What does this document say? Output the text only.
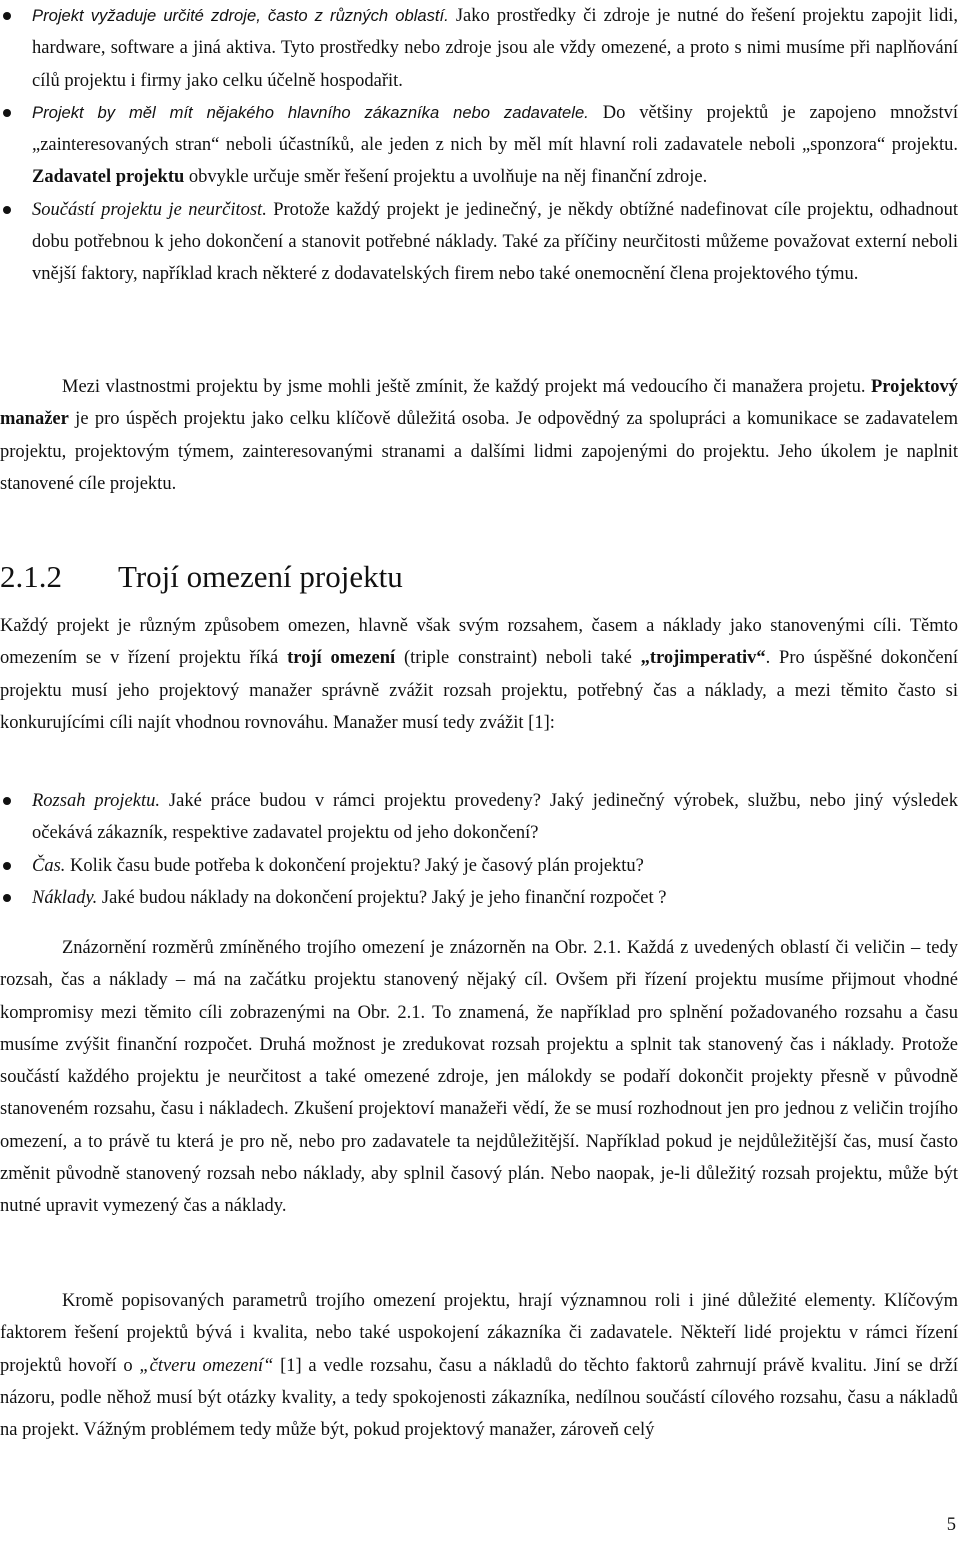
Projekt vyžaduje určité zdroje, často z různých oblastí. Jako prostředky či zdroje je nutné do řešení projektu zapojit lidi, hardware, software a jiná aktiva. Tyto prostředky nebo zdroje jsou ale vždy omezené, a proto s nimi musíme při naplňování cílů projektu i firmy jako celku účelně hospodařit.
Projekt by měl mít nějakého hlavního zákazníka nebo zadavatele. Do většiny projektů je zapojeno množství „zainteresovaných stran“ neboli účastníků, ale jeden z nich by měl mít hlavní roli zadavatele neboli „sponzora“ projektu. Zadavatel projektu obvykle určuje směr řešení projektu a uvolňuje na něj finanční zdroje.
Součástí projektu je neurčitost. Protože každý projekt je jedinečný, je někdy obtížné nadefinovat cíle projektu, odhadnout dobu potřebnou k jeho dokončení a stanovit potřebné náklady. Také za příčiny neurčitosti můžeme považovat externí neboli vnější faktory, například krach některé z dodavatelských firem nebo také onemocnění člena projektového týmu.

Mezi vlastnostmi projektu by jsme mohli ještě zmínit, že každý projekt má vedoucího či manažera projetu. Projektový manažer je pro úspěch projektu jako celku klíčově důležitá osoba. Je odpovědný za spolupráci a komunikace se zadavatelem projektu, projektovým týmem, zainteresovanými stranami a dalšími lidmi zapojenými do projektu. Jeho úkolem je naplnit stanovené cíle projektu.

2.1.2 Trojí omezení projektu

Každý projekt je různým způsobem omezen, hlavně však svým rozsahem, časem a náklady jako stanovenými cíli. Těmto omezením se v řízení projektu říká trojí omezení (triple constraint) neboli také „trojimperativ“. Pro úspěšné dokončení projektu musí jeho projektový manažer správně zvážit rozsah projektu, potřebný čas a náklady, a mezi těmito často si konkurujícími cíli najít vhodnou rovnováhu. Manažer musí tedy zvážit [1]:

Rozsah projektu. Jaké práce budou v rámci projektu provedeny? Jaký jedinečný výrobek, službu, nebo jiný výsledek očekává zákazník, respektive zadavatel projektu od jeho dokončení?
Čas. Kolik času bude potřeba k dokončení projektu? Jaký je časový plán projektu?
Náklady. Jaké budou náklady na dokončení projektu? Jaký je jeho finanční rozpočet ?

Znázornění rozměrů zmíněného trojího omezení je znázorněn na Obr. 2.1. Každá z uvedených oblastí či veličin – tedy rozsah, čas a náklady – má na začátku projektu stanovený nějaký cíl. Ovšem při řízení projektu musíme přijmout vhodné kompromisy mezi těmito cíli zobrazenými na Obr. 2.1. To znamená, že například pro splnění požadovaného rozsahu a času musíme zvýšit finanční rozpočet. Druhá možnost je zredukovat rozsah projektu a splnit tak stanovený čas i náklady. Protože součástí každého projektu je neurčitost a také omezené zdroje, jen málokdy se podaří dokončit projekty přesně v původně stanoveném rozsahu, času i nákladech. Zkušení projektoví manažeři vědí, že se musí rozhodnout jen pro jednou z veličin trojího omezení, a to právě tu která je pro ně, nebo pro zadavatele ta nejdůležitější. Například pokud je nejdůležitější čas, musí často změnit původně stanovený rozsah nebo náklady, aby splnil časový plán. Nebo naopak, je-li důležitý rozsah projektu, může být nutné upravit vymezený čas a náklady.

Kromě popisovaných parametrů trojího omezení projektu, hrají významnou roli i jiné důležité elementy. Klíčovým faktorem řešení projektů bývá i kvalita, nebo také uspokojení zákazníka či zadavatele. Někteří lidé projektu v rámci řízení projektů hovoří o „čtveru omezení“ [1] a vedle rozsahu, času a nákladů do těchto faktorů zahrnují právě kvalitu. Jiní se drží názoru, podle něhož musí být otázky kvality, a tedy spokojenosti zákazníka, nedílnou součástí cílového rozsahu, času a nákladů na projekt. Vážným problémem tedy může být, pokud projektový manažer, zároveň celý

5
